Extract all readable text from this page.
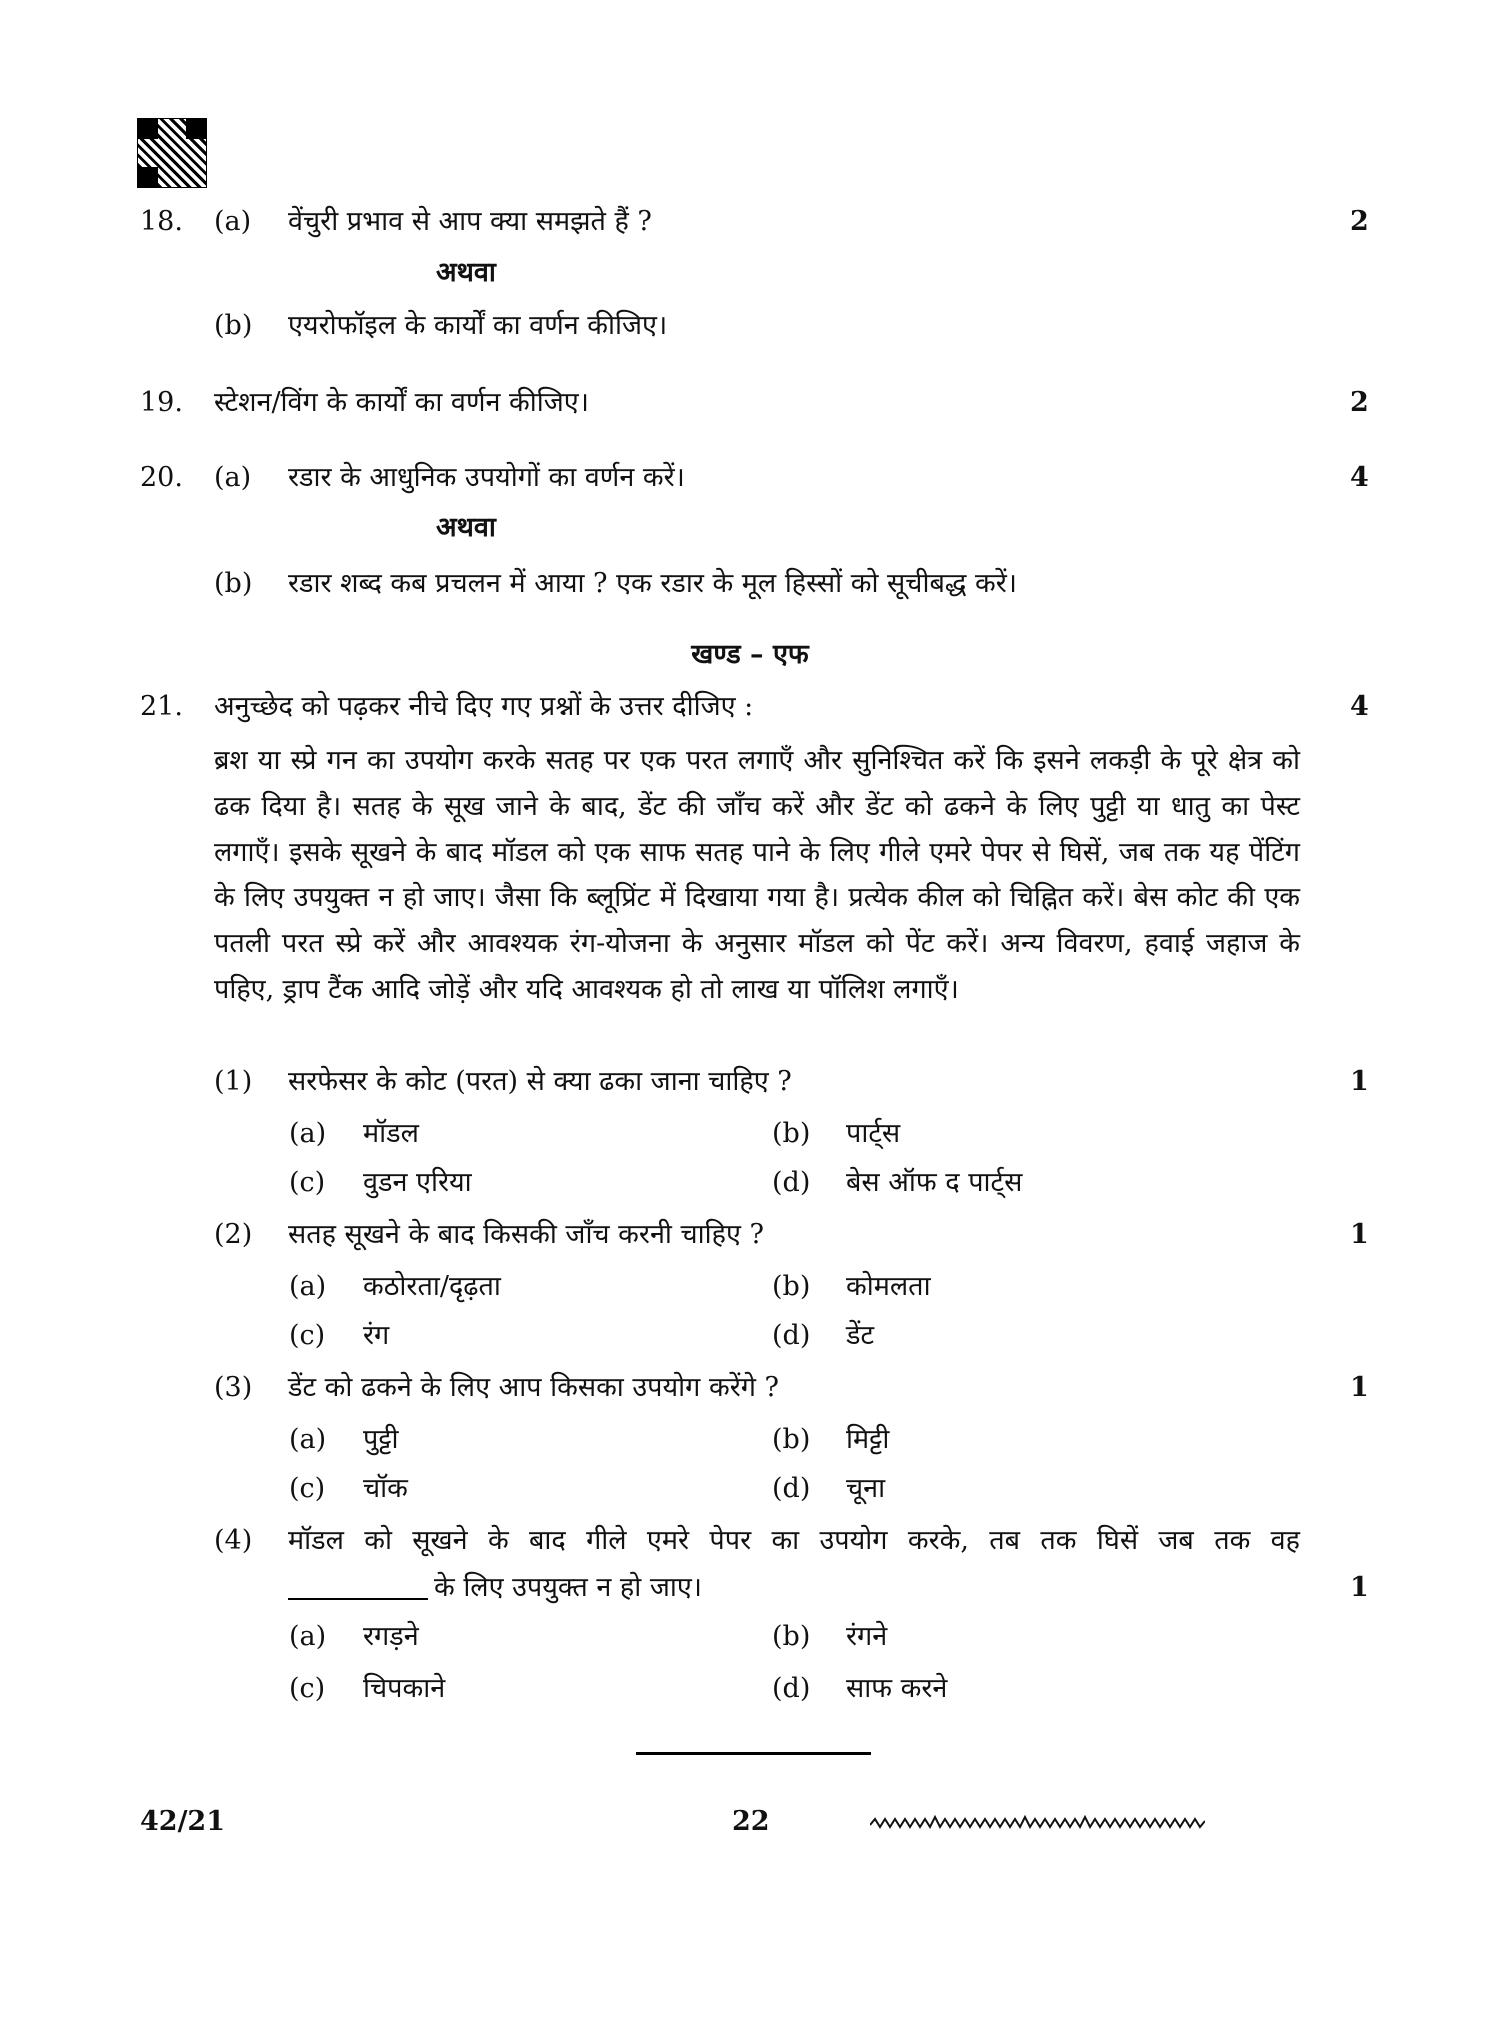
18. (a) वेंचुरी प्रभाव से आप क्या समझते हैं ?	2
अथवा
(b) एयरोफॉइल के कार्यों का वर्णन कीजिए।
19. स्टेशन/विंग के कार्यों का वर्णन कीजिए।	2
20. (a) रडार के आधुनिक उपयोगों का वर्णन करें।	4
अथवा
(b) रडार शब्द कब प्रचलन में आया ? एक रडार के मूल हिस्सों को सूचीबद्ध करें।
खण्ड – एफ
21. अनुच्छेद को पढ़कर नीचे दिए गए प्रश्नों के उत्तर दीजिए :	4
ब्रश या स्प्रे गन का उपयोग करके सतह पर एक परत लगाएँ और सुनिश्चित करें कि इसने लकड़ी के पूरे क्षेत्र को ढक दिया है। सतह के सूख जाने के बाद, डेंट की जाँच करें और डेंट को ढकने के लिए पुट्टी या धातु का पेस्ट लगाएँ। इसके सूखने के बाद मॉडल को एक साफ सतह पाने के लिए गीले एमरे पेपर से घिसें, जब तक यह पेंटिंग के लिए उपयुक्त न हो जाए। जैसा कि ब्लूप्रिंट में दिखाया गया है। प्रत्येक कील को चिह्नित करें। बेस कोट की एक पतली परत स्प्रे करें और आवश्यक रंग-योजना के अनुसार मॉडल को पेंट करें। अन्य विवरण, हवाई जहाज के पहिए, ड्राप टैंक आदि जोड़ें और यदि आवश्यक हो तो लाख या पॉलिश लगाएँ।
(1) सरफेसर के कोट (परत) से क्या ढका जाना चाहिए ?	1
(a) मॉडल	(b) पार्ट्स
(c) वुडन एरिया	(d) बेस ऑफ द पार्ट्स
(2) सतह सूखने के बाद किसकी जाँच करनी चाहिए ?	1
(a) कठोरता/दृढ़ता	(b) कोमलता
(c) रंग	(d) डेंट
(3) डेंट को ढकने के लिए आप किसका उपयोग करेंगे ?	1
(a) पुट्टी	(b) मिट्टी
(c) चॉक	(d) चूना
(4) मॉडल को सूखने के बाद गीले एमरे पेपर का उपयोग करके, तब तक घिसें जब तक वह
के लिए उपयुक्त न हो जाए।	1
(a) रगड़ने	(b) रंगने
(c) चिपकाने	(d) साफ करने
42/21	22
